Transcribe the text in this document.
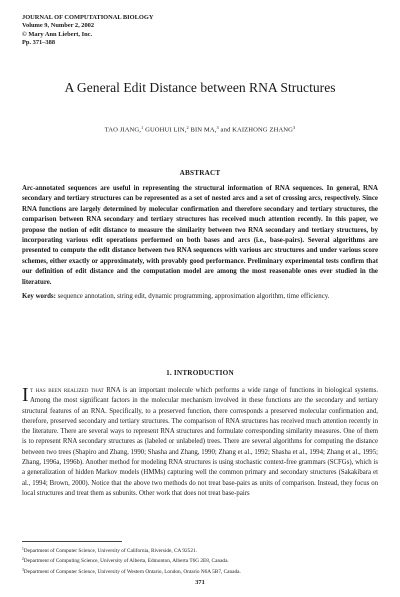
JOURNAL OF COMPUTATIONAL BIOLOGY
Volume 9, Number 2, 2002
© Mary Ann Liebert, Inc.
Pp. 371–388
A General Edit Distance between RNA Structures
TAO JIANG,$^1$ GUOHUI LIN,$^2$ BIN MA,$^3$ and KAIZHONG ZHANG$^3$
ABSTRACT
Arc-annotated sequences are useful in representing the structural information of RNA sequences. In general, RNA secondary and tertiary structures can be represented as a set of nested arcs and a set of crossing arcs, respectively. Since RNA functions are largely determined by molecular confirmation and therefore secondary and tertiary structures, the comparison between RNA secondary and tertiary structures has received much attention recently. In this paper, we propose the notion of edit distance to measure the similarity between two RNA secondary and tertiary structures, by incorporating various edit operations performed on both bases and arcs (i.e., base-pairs). Several algorithms are presented to compute the edit distance between two RNA sequences with various arc structures and under various score schemes, either exactly or approximately, with provably good performance. Preliminary experimental tests confirm that our definition of edit distance and the computation model are among the most reasonable ones ever studied in the literature.
Key words: sequence annotation, string edit, dynamic programming, approximation algorithm, time efficiency.
1. INTRODUCTION
It has been realized that RNA is an important molecule which performs a wide range of functions in biological systems. Among the most significant factors in the molecular mechanism involved in these functions are the secondary and tertiary structural features of an RNA. Specifically, to a preserved function, there corresponds a preserved molecular confirmation and, therefore, preserved secondary and tertiary structures. The comparison of RNA structures has received much attention recently in the literature. There are several ways to represent RNA structures and formulate corresponding similarity measures. One of them is to represent RNA secondary structures as (labeled or unlabeled) trees. There are several algorithms for computing the distance between two trees (Shapiro and Zhang, 1990; Shasha and Zhang, 1990; Zhang et al., 1992; Shasha et al., 1994; Zhang et al., 1995; Zhang, 1996a, 1996b). Another method for modeling RNA structures is using stochastic context-free grammars (SCFGs), which is a generalization of hidden Markov models (HMMs) capturing well the common primary and secondary structures (Sakakibara et al., 1994; Brown, 2000). Notice that the above two methods do not treat base-pairs as units of comparison. Instead, they focus on local structures and treat them as subunits. Other work that does not treat base-pairs
$^1$Department of Computer Science, University of California, Riverside, CA 92521.
$^2$Department of Computing Science, University of Alberta, Edmonton, Alberta T6G 2E8, Canada.
$^3$Department of Computer Science, University of Western Ontario, London, Ontario N6A 5B7, Canada.
371
